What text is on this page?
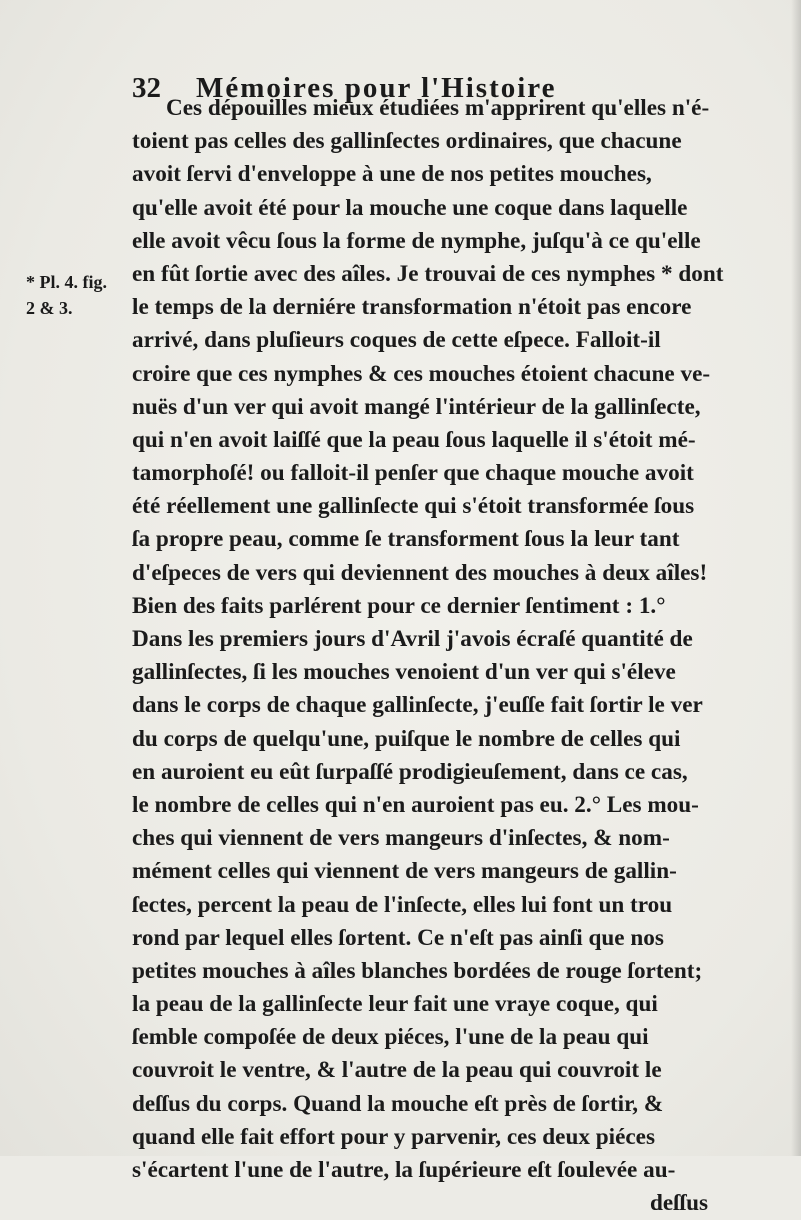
32 Mémoires pour l'Histoire
* Pl. 4. fig.
2 & 3.
Ces dépouilles mieux étudiées m'apprirent qu'elles n'é-
toient pas celles des gallinſectes ordinaires, que chacune
avoit ſervi d'enveloppe à une de nos petites mouches,
qu'elle avoit été pour la mouche une coque dans laquelle
elle avoit vêcu ſous la forme de nymphe, juſqu'à ce qu'elle
en fût ſortie avec des aîles. Je trouvai de ces nymphes * dont
le temps de la derniére transformation n'étoit pas encore
arrivé, dans pluſieurs coques de cette eſpece. Falloit-il
croire que ces nymphes & ces mouches étoient chacune ve-
nuës d'un ver qui avoit mangé l'intérieur de la gallinſecte,
qui n'en avoit laiſſé que la peau ſous laquelle il s'étoit mé-
tamorphoſé! ou falloit-il penſer que chaque mouche avoit
été réellement une gallinſecte qui s'étoit transformée ſous
ſa propre peau, comme ſe transforment ſous la leur tant
d'eſpeces de vers qui deviennent des mouches à deux aîles!
Bien des faits parlérent pour ce dernier ſentiment : 1.°
Dans les premiers jours d'Avril j'avois écraſé quantité de
gallinſectes, ſi les mouches venoient d'un ver qui s'éleve
dans le corps de chaque gallinſecte, j'euſſe fait ſortir le ver
du corps de quelqu'une, puiſque le nombre de celles qui
en auroient eu eût ſurpaſſé prodigieuſement, dans ce cas,
le nombre de celles qui n'en auroient pas eu. 2.° Les mou-
ches qui viennent de vers mangeurs d'inſectes, & nom-
mément celles qui viennent de vers mangeurs de gallin-
ſectes, percent la peau de l'inſecte, elles lui font un trou
rond par lequel elles ſortent. Ce n'eſt pas ainſi que nos
petites mouches à aîles blanches bordées de rouge ſortent;
la peau de la gallinſecte leur fait une vraye coque, qui
ſemble compoſée de deux piéces, l'une de la peau qui
couvroit le ventre, & l'autre de la peau qui couvroit le
deſſus du corps. Quand la mouche eſt près de ſortir, &
quand elle fait effort pour y parvenir, ces deux piéces
s'écartent l'une de l'autre, la ſupérieure eſt ſoulevée au-
deſſus
